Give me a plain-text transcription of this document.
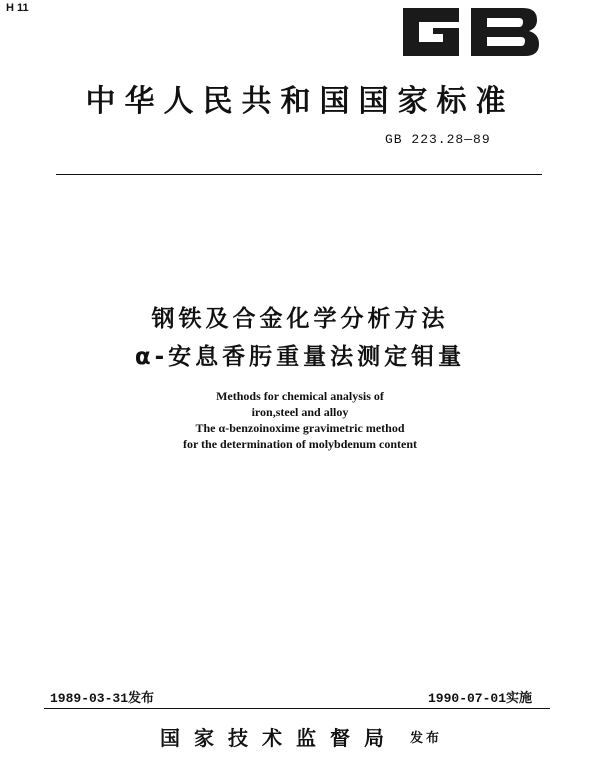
H 11
GB
中华人民共和国国家标准
GB 223.28—89
钢铁及合金化学分析方法
α-安息香肟重量法测定钼量
Methods for chemical analysis of
iron,steel and alloy
The α-benzoinoxime gravimetric method
for the determination of molybdenum content
1989-03-31发布	1990-07-01实施
国家技术监督局 发布
